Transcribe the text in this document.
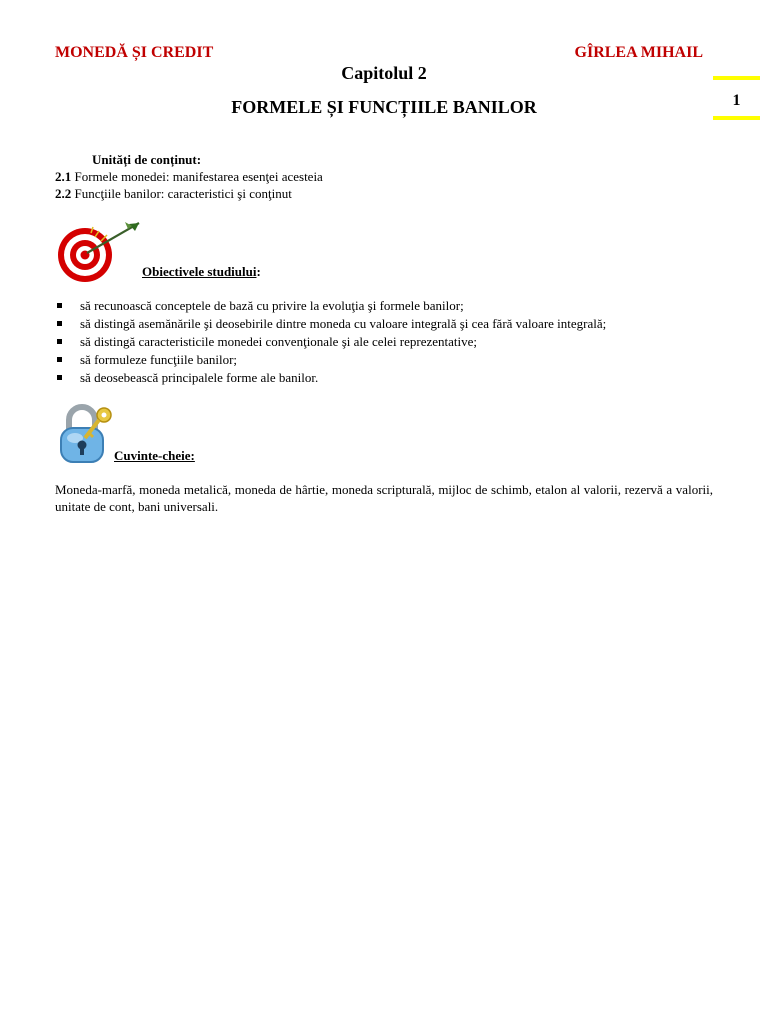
MONEDĂ ȘI CREDIT	GÎRLEA MIHAIL
1
Capitolul 2
FORMELE ȘI FUNCȚIILE BANILOR
Unități de conținut:
2.1 Formele monedei: manifestarea esenţei acesteia
2.2 Funcţiile banilor: caracteristici şi conţinut
Obiectivele studiului:
să recunoască conceptele de bază cu privire la evoluţia şi formele banilor;
să distingă asemănările şi deosebirile dintre moneda cu valoare integrală şi cea fără valoare integrală;
să distingă caracteristicile monedei convenţionale şi ale celei reprezentative;
să formuleze funcţiile banilor;
să deosebească principalele forme ale banilor.
Cuvinte-cheie:
Moneda-marfă, moneda metalică, moneda de hârtie, moneda scripturală, mijloc de schimb, etalon al valorii, rezervă a valorii, unitate de cont, bani universali.
